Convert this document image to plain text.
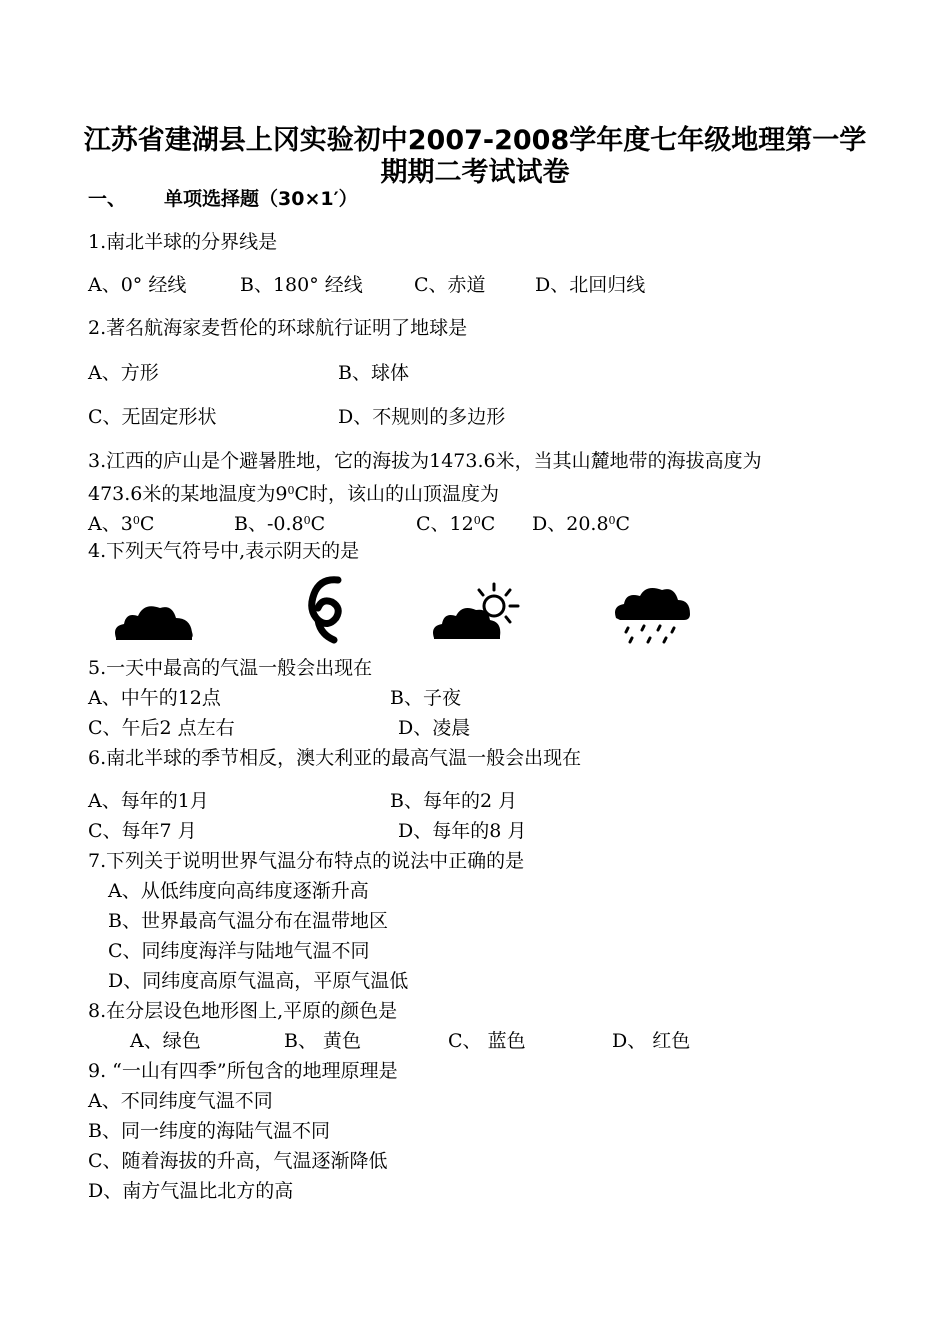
江苏省建湖县上冈实验初中2007-2008学年度七年级地理第一学
期期二考试试卷
一、 单项选择题（30×1′）
1.南北半球的分界线是
A、0° 经线	B、180° 经线	C、赤道	D、北回归线
2.著名航海家麦哲伦的环球航行证明了地球是
A、方形	B、球体
C、无固定形状	D、不规则的多边形
3.江西的庐山是个避暑胜地，它的海拔为1473.6米，当其山麓地带的海拔高度为
473.6米的某地温度为$9^0C$时，该山的山顶温度为
A、$3^0C$	B、$-0.8^0C$	C、$12^0C$ D、20.8$^0$C
4.下列天气符号中,表示阴天的是
5.一天中最高的气温一般会出现在
A、中午的12点	B、子夜
C、午后2 点左右	D、凌晨
6.南北半球的季节相反，澳大利亚的最高气温一般会出现在
A、每年的1月	B、每年的2 月
C、每年7 月	D、每年的8 月
7.下列关于说明世界气温分布特点的说法中正确的是
A、从低纬度向高纬度逐渐升高
B、世界最高气温分布在温带地区
C、同纬度海洋与陆地气温不同
D、同纬度高原气温高，平原气温低
8.在分层设色地形图上,平原的颜色是
A、绿色	B、 黄色	C、 蓝色	D、 红色
9. “一山有四季”所包含的地理原理是
A、不同纬度气温不同
B、同一纬度的海陆气温不同
C、随着海拔的升高，气温逐渐降低
D、南方气温比北方的高
